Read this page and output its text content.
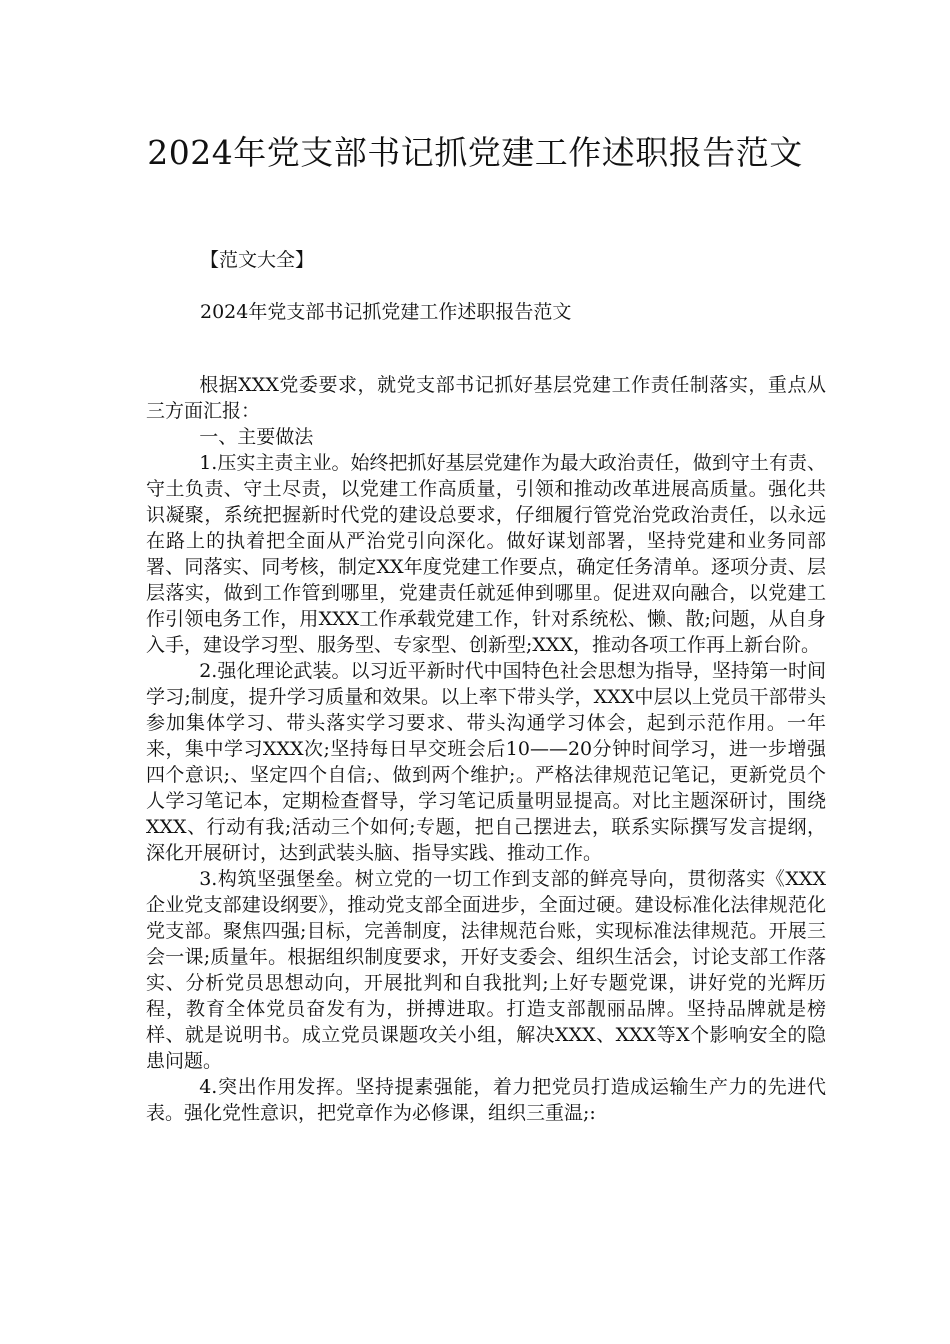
2024年党支部书记抓党建工作述职报告范文
【范文大全】
2024年党支部书记抓党建工作述职报告范文

根据XXX党委要求，就党支部书记抓好基层党建工作责任制落实，重点从三方面汇报：

一、主要做法

1.压实主责主业。始终把抓好基层党建作为最大政治责任，做到守土有责、守土负责、守土尽责，以党建工作高质量，引领和推动改革进展高质量。强化共识凝聚，系统把握新时代党的建设总要求，仔细履行管党治党政治责任，以永远在路上的执着把全面从严治党引向深化。做好谋划部署，坚持党建和业务同部署、同落实、同考核，制定XX年度党建工作要点，确定任务清单。逐项分责、层层落实，做到工作管到哪里，党建责任就延伸到哪里。促进双向融合，以党建工作引领电务工作，用XXX工作承载党建工作，针对系统松、懒、散;问题，从自身入手，建设学习型、服务型、专家型、创新型;XXX，推动各项工作再上新台阶。

2.强化理论武装。以习近平新时代中国特色社会思想为指导，坚持第一时间学习;制度，提升学习质量和效果。以上率下带头学，XXX中层以上党员干部带头参加集体学习、带头落实学习要求、带头沟通学习体会，起到示范作用。一年来，集中学习XXX次;坚持每日早交班会后10——20分钟时间学习，进一步增强四个意识;、坚定四个自信;、做到两个维护;。严格法律规范记笔记，更新党员个人学习笔记本，定期检查督导，学习笔记质量明显提高。对比主题深研讨，围绕XXX、行动有我;活动三个如何;专题，把自己摆进去，联系实际撰写发言提纲，深化开展研讨，达到武装头脑、指导实践、推动工作。

3.构筑坚强堡垒。树立党的一切工作到支部的鲜亮导向，贯彻落实《XXX企业党支部建设纲要》，推动党支部全面进步，全面过硬。建设标准化法律规范化党支部。聚焦四强;目标，完善制度，法律规范台账，实现标准法律规范。开展三会一课;质量年。根据组织制度要求，开好支委会、组织生活会，讨论支部工作落实、分析党员思想动向，开展批判和自我批判;上好专题党课，讲好党的光辉历程，教育全体党员奋发有为，拼搏进取。打造支部靓丽品牌。坚持品牌就是榜样、就是说明书。成立党员课题攻关小组，解决XXX、XXX等X个影响安全的隐患问题。

4.突出作用发挥。坚持提素强能，着力把党员打造成运输生产力的先进代表。强化党性意识，把党章作为必修课，组织三重温;:
